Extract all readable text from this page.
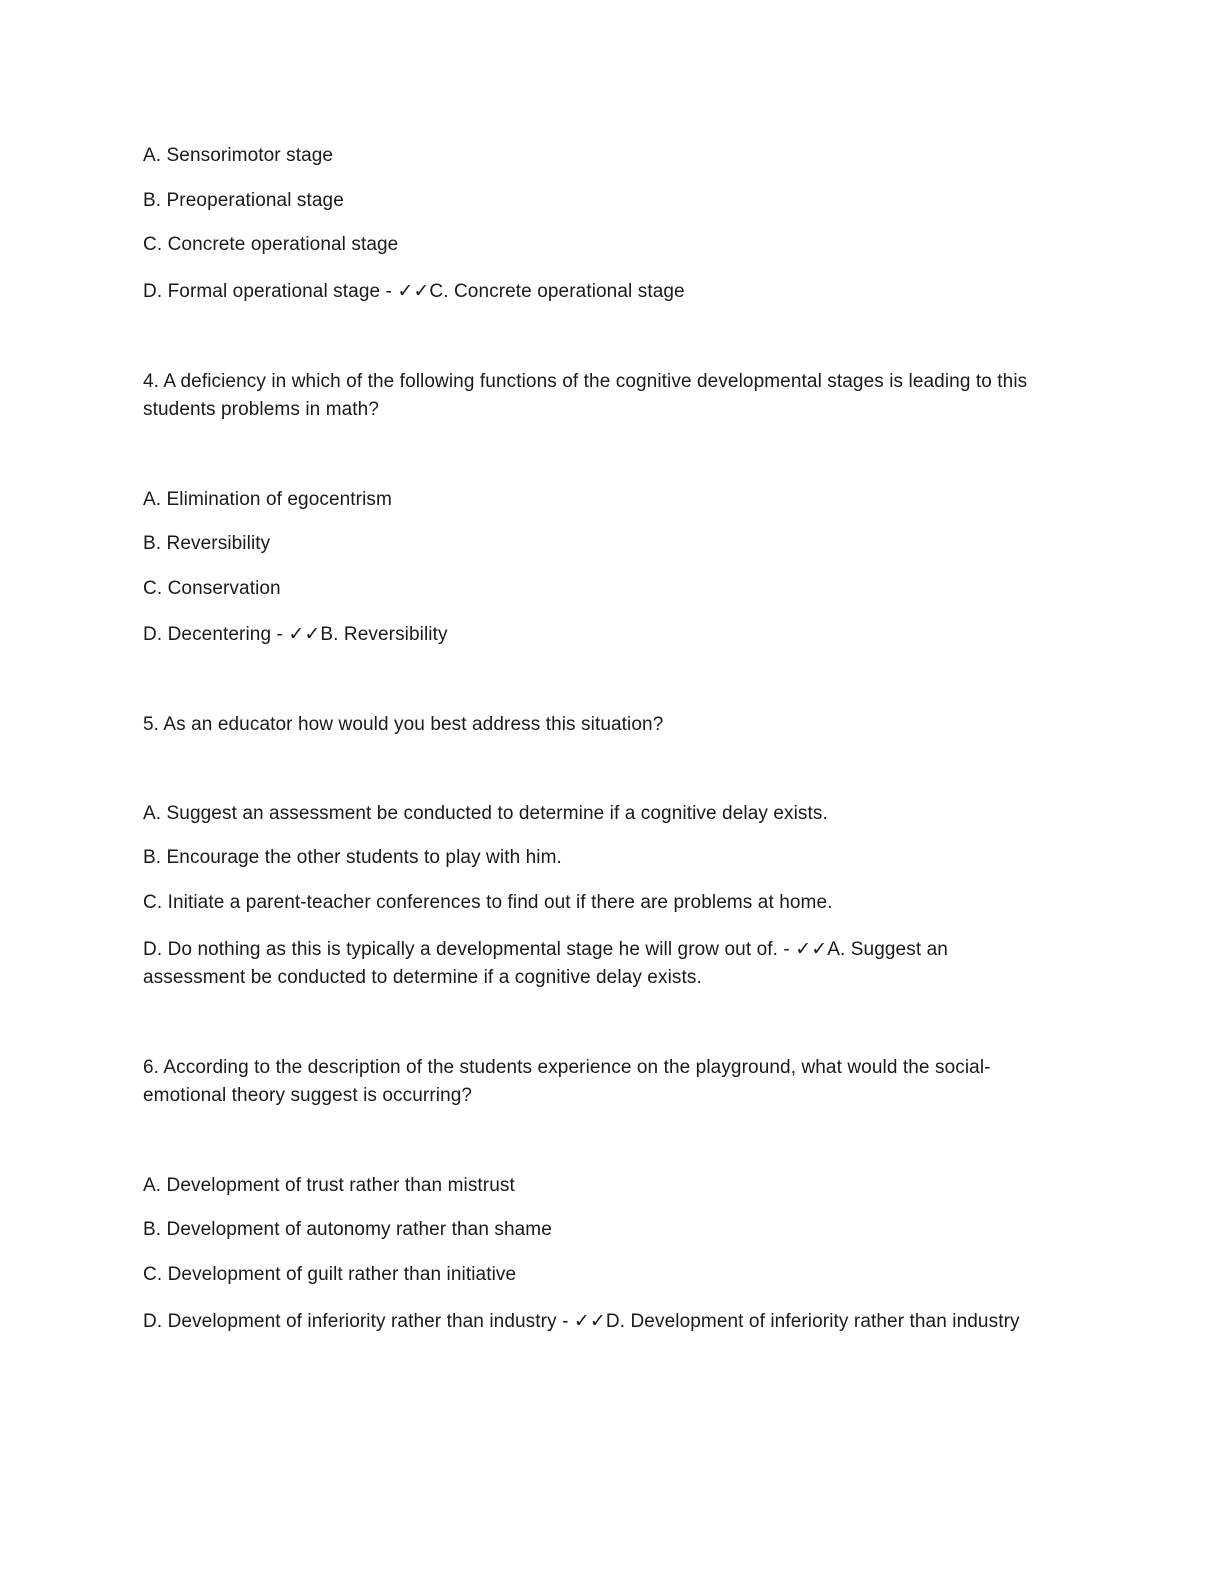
A. Sensorimotor stage
B. Preoperational stage
C. Concrete operational stage
D. Formal operational stage - ✓✓C. Concrete operational stage
4. A deficiency in which of the following functions of the cognitive developmental stages is leading to this students problems in math?
A. Elimination of egocentrism
B. Reversibility
C. Conservation
D. Decentering - ✓✓B. Reversibility
5. As an educator how would you best address this situation?
A. Suggest an assessment be conducted to determine if a cognitive delay exists.
B. Encourage the other students to play with him.
C. Initiate a parent-teacher conferences to find out if there are problems at home.
D. Do nothing as this is typically a developmental stage he will grow out of. - ✓✓A. Suggest an assessment be conducted to determine if a cognitive delay exists.
6. According to the description of the students experience on the playground, what would the social-emotional theory suggest is occurring?
A. Development of trust rather than mistrust
B. Development of autonomy rather than shame
C. Development of guilt rather than initiative
D. Development of inferiority rather than industry - ✓✓D. Development of inferiority rather than industry
